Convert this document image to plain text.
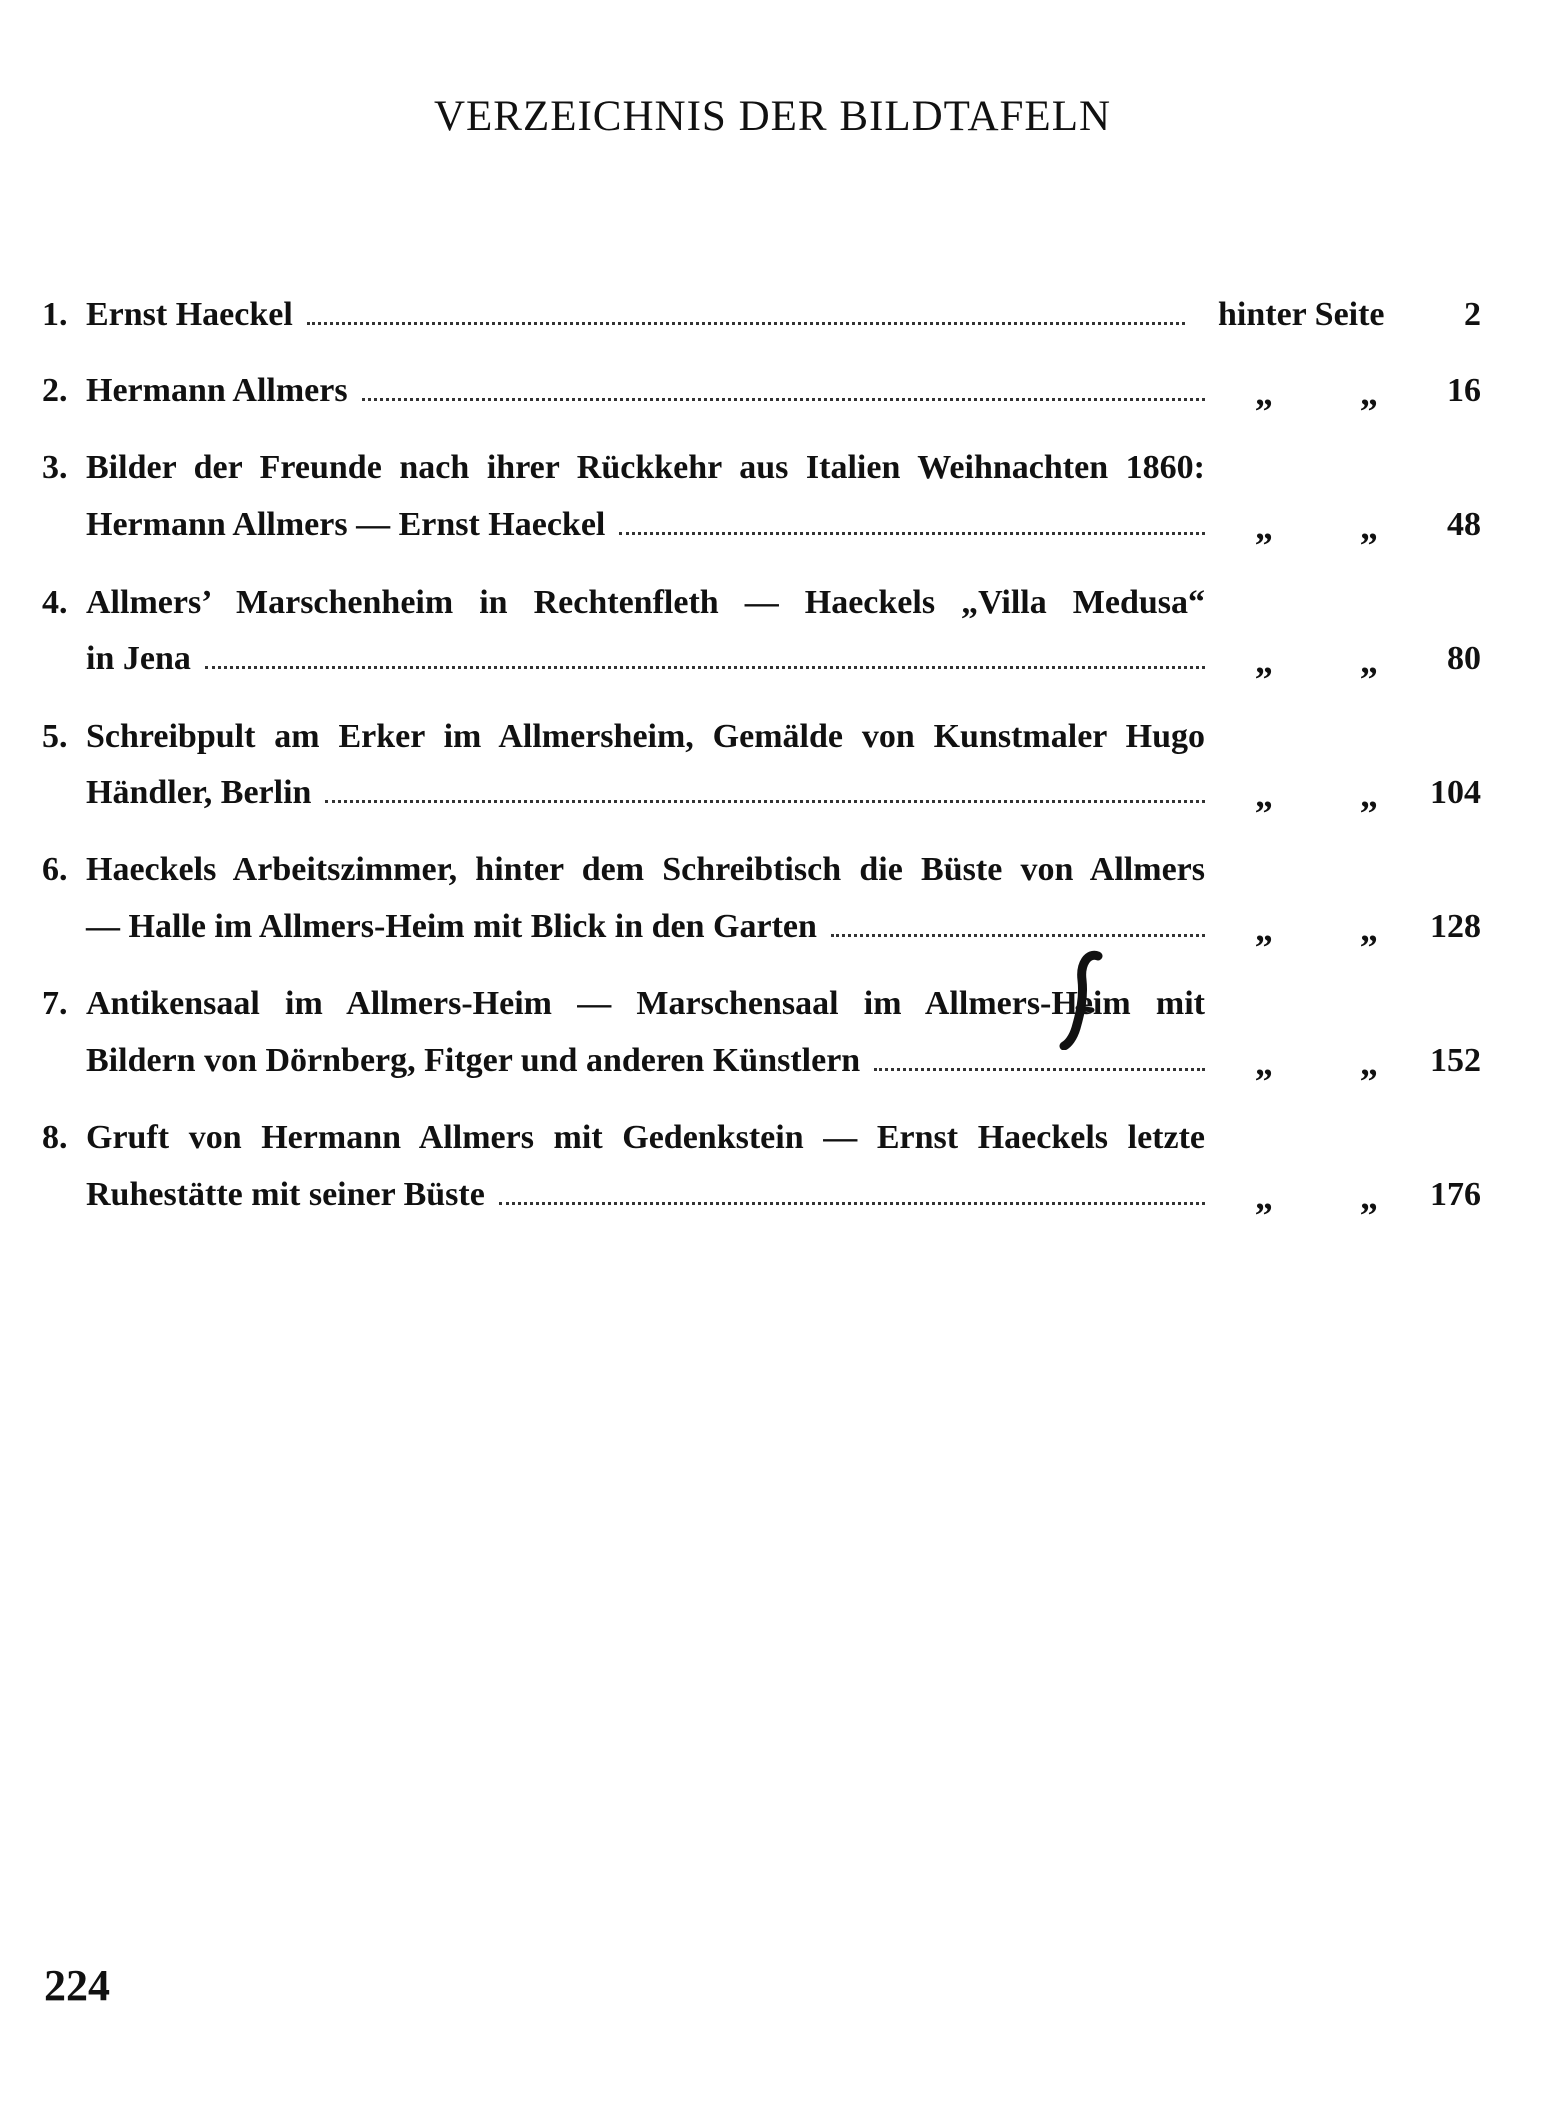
VERZEICHNIS DER BILDTAFELN
1. Ernst Haeckel	hinter Seite 2
2. Hermann Allmers	„ „ 16
3. Bilder der Freunde nach ihrer Rückkehr aus Italien Weihnachten 1860:
Hermann Allmers — Ernst Haeckel	„ „ 48
4. Allmers’ Marschenheim in Rechtenfleth — Haeckels „Villa Medusa“
in Jena	„ „ 80
5. Schreibpult am Erker im Allmersheim, Gemälde von Kunstmaler Hugo
Händler, Berlin	„ „ 104
6. Haeckels Arbeitszimmer, hinter dem Schreibtisch die Büste von Allmers
— Halle im Allmers-Heim mit Blick in den Garten	„ „ 128
7. Antikensaal im Allmers-Heim — Marschensaal im Allmers-Heim mit
Bildern von Dörnberg, Fitger und anderen Künstlern	„ „ 152
8. Gruft von Hermann Allmers mit Gedenkstein — Ernst Haeckels letzte
Ruhestätte mit seiner Büste	„ „ 176
224
